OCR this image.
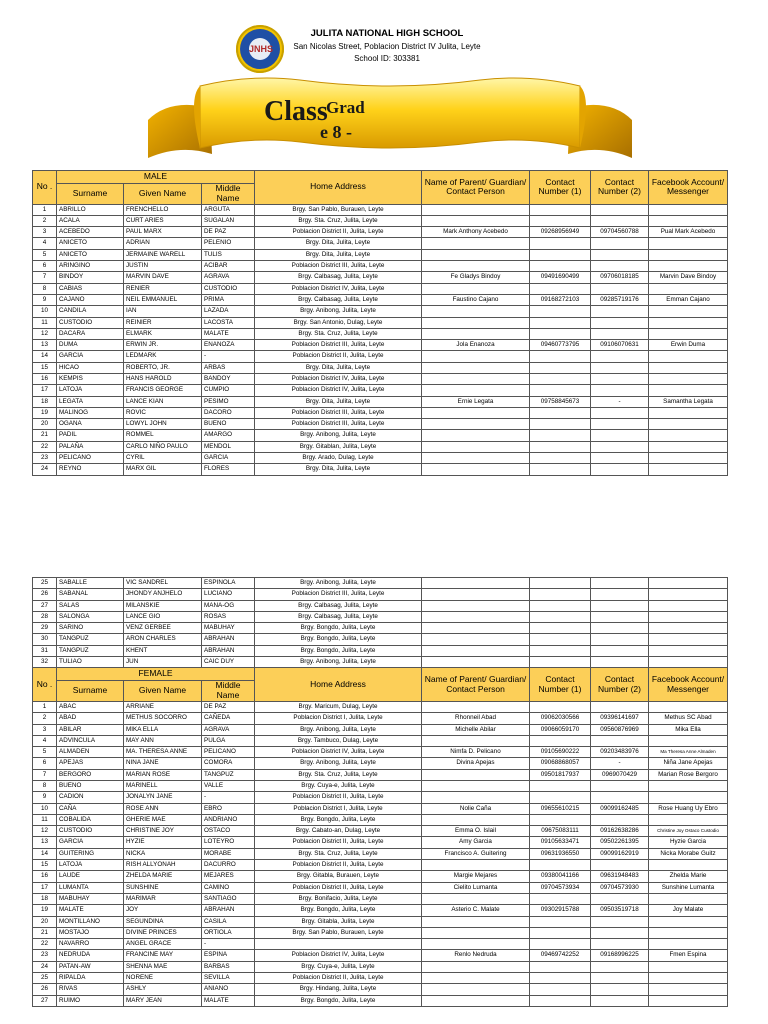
JNHS
JULITA NATIONAL HIGH SCHOOL
San Nicolas Street, Poblacion District IV Julita, Leyte
School ID: 303381
Class
Grad
e 8 -
No .	MALE			Home Address	Name of Parent/ Guardian/ Contact Person	Contact Number (1)	Contact Number (2)	Facebook Account/ Messenger
	Surname	Given Name	Middle Name					
1	ABRILLO	FRENCHELLO	ARGUTA	Brgy. San Pablo, Burauen, Leyte				
2	ACALA	CURT ARIES	SUGALAN	Brgy. Sta. Cruz, Julita, Leyte				
3	ACEBEDO	PAUL MARX	DE PAZ	Poblacion District II, Julita, Leyte	Mark Anthony Acebedo	09268956949	09704560788	Pual Mark Acebedo
4	ANICETO	ADRIAN	PELENIO	Brgy. Dita, Julita, Leyte				
5	ANICETO	JERMAINE WARELL	TULIS	Brgy. Dita, Julita, Leyte				
6	ARINGINO	JUSTIN	ACIBAR	Poblacion District III, Julita, Leyte				
7	BINDOY	MARVIN DAVE	AGRAVA	Brgy. Calbasag, Julita, Leyte	Fe Gladys Bindoy	09491690499	09706018185	Marvin Dave Bindoy
8	CABIAS	RENIER	CUSTODIO	Poblacion District IV, Julita, Leyte				
9	CAJANO	NEIL EMMANUEL	PRIMA	Brgy. Calbasag, Julita, Leyte	Faustino Cajano	09168272103	09285719176	Emman Cajano
10	CANDILA	IAN	LAZADA	Brgy. Anibong, Julita, Leyte				
11	CUSTODIO	REINIER	LACOSTA	Brgy. San Antonio, Dulag, Leyte				
12	DACARA	ELMARK	MALATE	Brgy. Sta. Cruz, Julita, Leyte				
13	DUMA	ERWIN JR.	ENANOZA	Poblacion District III, Julita, Leyte	Jola Enanoza	09460773795	09106070631	Erwin Duma
14	GARCIA	LEDMARK	-	Poblacion District II, Julita, Leyte				
15	HICAO	ROBERTO, JR.	ARBAS	Brgy. Dita, Julita, Leyte				
16	KEMPIS	HANS HAROLD	BANDOY	Poblacion District IV, Julita, Leyte				
17	LATOJA	FRANCIS GEORGE	CUMPIO	Poblacion District IV, Julita, Leyte				
18	LEGATA	LANCE KIAN	PESIMO	Brgy. Dita, Julita, Leyte	Ernie Legata	09758845673	-	Samantha Legata
19	MALINOG	ROVIC	DACORO	Poblacion District III, Julita, Leyte				
20	OGANA	LOWYL JOHN	BUENO	Poblacion District III, Julita, Leyte				
21	PADIL	ROMMEL	AMARGO	Brgy. Anibong, Julita, Leyte				
22	PALAÑA	CARLO NIÑO PAULO	MENDOL	Brgy. Gitablan, Julita, Leyte				
23	PELICANO	CYRIL	GARCIA	Brgy. Arado, Dulag, Leyte				
24	REYNO	MARX GIL	FLORES	Brgy. Dita, Julita, Leyte				
25	SABALLE	VIC SANDREL	ESPINOLA	Brgy. Anibong, Julita, Leyte				
26	SABANAL	JHONDY ANJHELO	LUCIANO	Poblacion District III, Julita, Leyte				
27	SALAS	MILANSKIE	MANA-OG	Brgy. Calbasag, Julita, Leyte				
28	SALONGA	LANCE GIO	ROSAS	Brgy. Calbasag, Julita, Leyte				
29	SARINO	VENZ GERBEE	MABUHAY	Brgy. Bongdo, Julita, Leyte				
30	TANGPUZ	ARON CHARLES	ABRAHAN	Brgy. Bongdo, Julita, Leyte				
31	TANGPUZ	KHENT	ABRAHAN	Brgy. Bongdo, Julita, Leyte				
32	TULIAO	JUN	CAIC DUY	Brgy. Anibong, Julita, Leyte				
No .	FEMALE			Home Address	Name of Parent/ Guardian/ Contact Person	Contact Number (1)	Contact Number (2)	Facebook Account/ Messenger
	Surname	Given Name	Middle Name					
1	ABAC	ARRIANE	DE PAZ	Brgy. Maricum, Dulag, Leyte				
2	ABAD	METHUS SOCORRO	CAÑEDA	Poblacion District I, Julita, Leyte	Rhonneil Abad	09062030566	09396141697	Methus SC Abad
3	ABILAR	MIKA ELLA	AGRAVA	Brgy. Anibong, Julita, Leyte	Michelle Abilar	09066059170	09560876969	Mika Ella
4	ADVINCULA	MAY ANN	PULGA	Brgy. Tambuco, Dulag, Leyte				
5	ALMADEN	MA. THERESA ANNE	PELICANO	Poblacion District IV, Julita, Leyte	Nimfa D. Pelicano	09105690222	09203483976	Ma Theresa Anne Almaden
6	APEJAS	NINA JANE	COMORA	Brgy. Anibong, Julita, Leyte	Divina Apejas	09068868057	-	Niña Jane Apejas
7	BERGORO	MARIAN ROSE	TANGPUZ	Brgy. Sta. Cruz, Julita, Leyte		09501817937	0969070429	Marian Rose Bergoro
8	BUENO	MARINELL	VALLE	Brgy. Cuya-e, Julita, Leyte				
9	CADION	JONALYN JANE	-	Poblacion District II, Julita, Leyte				
10	CAÑA	ROSE ANN	EBRO	Poblacion District I, Julita, Leyte	Nolie Caña	09655610215	09099162485	Rose Huang Uy Ebro
11	COBALIDA	GHERIE MAE	ANDRIANO	Brgy. Bongdo, Julita, Leyte				
12	CUSTODIO	CHRISTINE JOY	OSTACO	Brgy. Cabato-an, Dulag, Leyte	Emma O. Islail	09675083111	09162638286	Christine Joy Ostaco Custodio
13	GARCIA	HYZIE	LOTEYRO	Poblacion District II, Julita, Leyte	Amy Garcia	09105633471	09502261395	Hyzie Garcia
14	GUITERING	NICKA	MORABE	Brgy. Sta. Cruz, Julita, Leyte	Francisco A. Guitering	09631936550	09099162919	Nicka Morabe Guitz
15	LATOJA	RISH ALLYONAH	DACURRO	Poblacion District II, Julita, Leyte				
16	LAUDE	ZHELDA MARIE	MEJARES	Brgy. Gitabla, Burauen, Leyte	Margie Mejares	09380041166	09631948483	Zhelda Marie
17	LUMANTA	SUNSHINE	CAMINO	Poblacion District II, Julita, Leyte	Cielito Lumanta	09704573934	09704573930	Sunshine Lumanta
18	MABUHAY	MARIMAR	SANTIAGO	Brgy. Bonifacio, Julita, Leyte				
19	MALATE	JOY	ABRAHAN	Brgy. Bongdo, Julita, Leyte	Asterio C. Malate	09302915788	09503519718	Joy Malate
20	MONTILLANO	SEGUNDINA	CASILA	Brgy. Gitabla, Julita, Leyte				
21	MOSTAJO	DIVINE PRINCES	ORTIOLA	Brgy. San Pablo, Burauen, Leyte				
22	NAVARRO	ANGEL GRACE	-					
23	NEDRUDA	FRANCINE MAY	ESPINA	Poblacion District IV, Julita, Leyte	Renlo Nedruda	09469742252	09168996225	Fmen Espina
24	PATAN-AW	SHENNA MAE	BARBAS	Brgy. Cuya-e, Julita, Leyte				
25	RIPALDA	NORENE	SEVILLA	Poblacion District II, Julita, Leyte				
26	RIVAS	ASHLY	ANIANO	Brgy. Hindang, Julita, Leyte				
27	RUIMO	MARY JEAN	MALATE	Brgy. Bongdo, Julita, Leyte				
